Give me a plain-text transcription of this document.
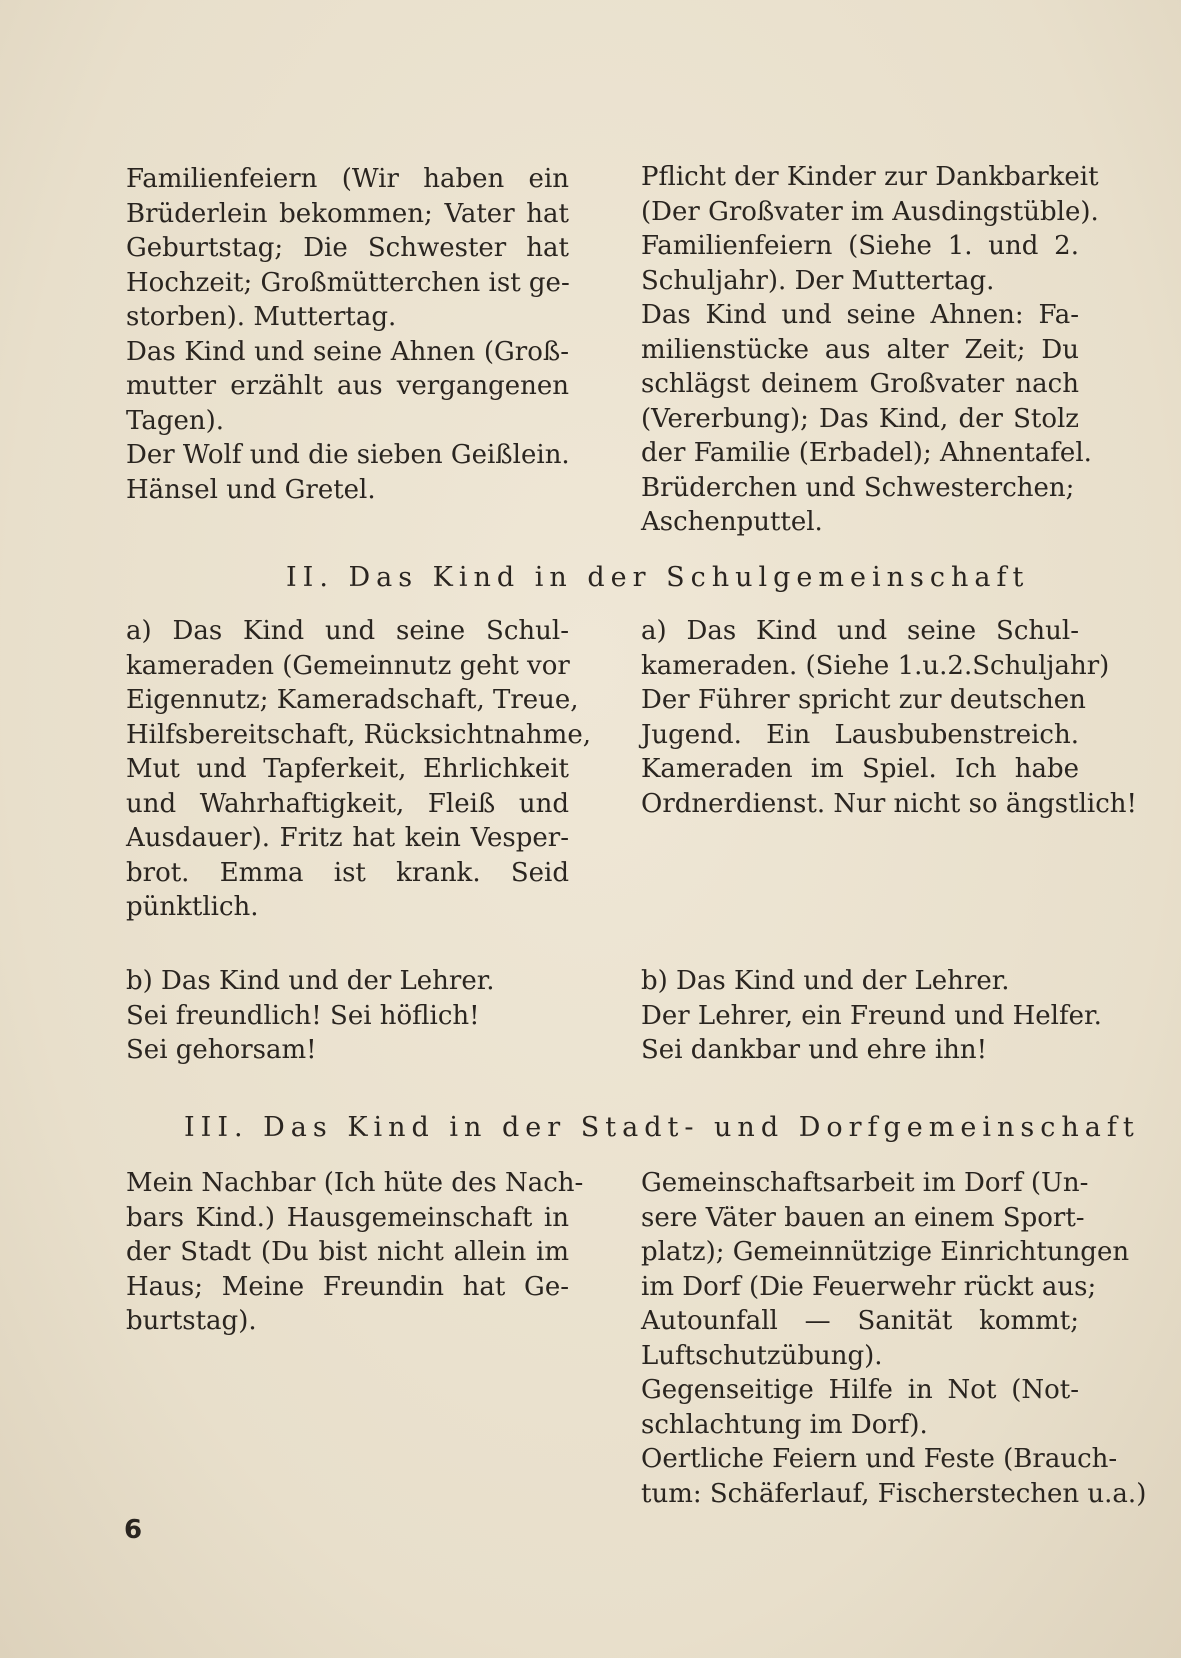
Familienfeiern (Wir haben ein
Brüderlein bekommen; Vater hat
Geburtstag; Die Schwester hat
Hochzeit; Großmütterchen ist ge-
storben). Muttertag.
Das Kind und seine Ahnen (Groß-
mutter erzählt aus vergangenen
Tagen).
Der Wolf und die sieben Geißlein.
Hänsel und Gretel.
Pflicht der Kinder zur Dankbarkeit
(Der Großvater im Ausdingstüble).
Familienfeiern (Siehe 1. und 2.
Schuljahr). Der Muttertag.
Das Kind und seine Ahnen: Fa-
milienstücke aus alter Zeit; Du
schlägst deinem Großvater nach
(Vererbung); Das Kind, der Stolz
der Familie (Erbadel); Ahnentafel.
Brüderchen und Schwesterchen;
Aschenputtel.
II. Das Kind in der Schulgemeinschaft
a) Das Kind und seine Schul-
kameraden (Gemeinnutz geht vor
Eigennutz; Kameradschaft, Treue,
Hilfsbereitschaft, Rücksichtnahme,
Mut und Tapferkeit, Ehrlichkeit
und Wahrhaftigkeit, Fleiß und
Ausdauer). Fritz hat kein Vesper-
brot. Emma ist krank. Seid
pünktlich.
a) Das Kind und seine Schul-
kameraden. (Siehe 1.u.2.Schuljahr)
Der Führer spricht zur deutschen
Jugend. Ein Lausbubenstreich.
Kameraden im Spiel. Ich habe
Ordnerdienst. Nur nicht so ängstlich!
b) Das Kind und der Lehrer.
Sei freundlich! Sei höflich!
Sei gehorsam!
b) Das Kind und der Lehrer.
Der Lehrer, ein Freund und Helfer.
Sei dankbar und ehre ihn!
III. Das Kind in der Stadt- und Dorfgemeinschaft
Mein Nachbar (Ich hüte des Nach-
bars Kind.) Hausgemeinschaft in
der Stadt (Du bist nicht allein im
Haus; Meine Freundin hat Ge-
burtstag).
Gemeinschaftsarbeit im Dorf (Un-
sere Väter bauen an einem Sport-
platz); Gemeinnützige Einrichtungen
im Dorf (Die Feuerwehr rückt aus;
Autounfall — Sanität kommt;
Luftschutzübung).
Gegenseitige Hilfe in Not (Not-
schlachtung im Dorf).
Oertliche Feiern und Feste (Brauch-
tum: Schäferlauf, Fischerstechen u.a.)
6
